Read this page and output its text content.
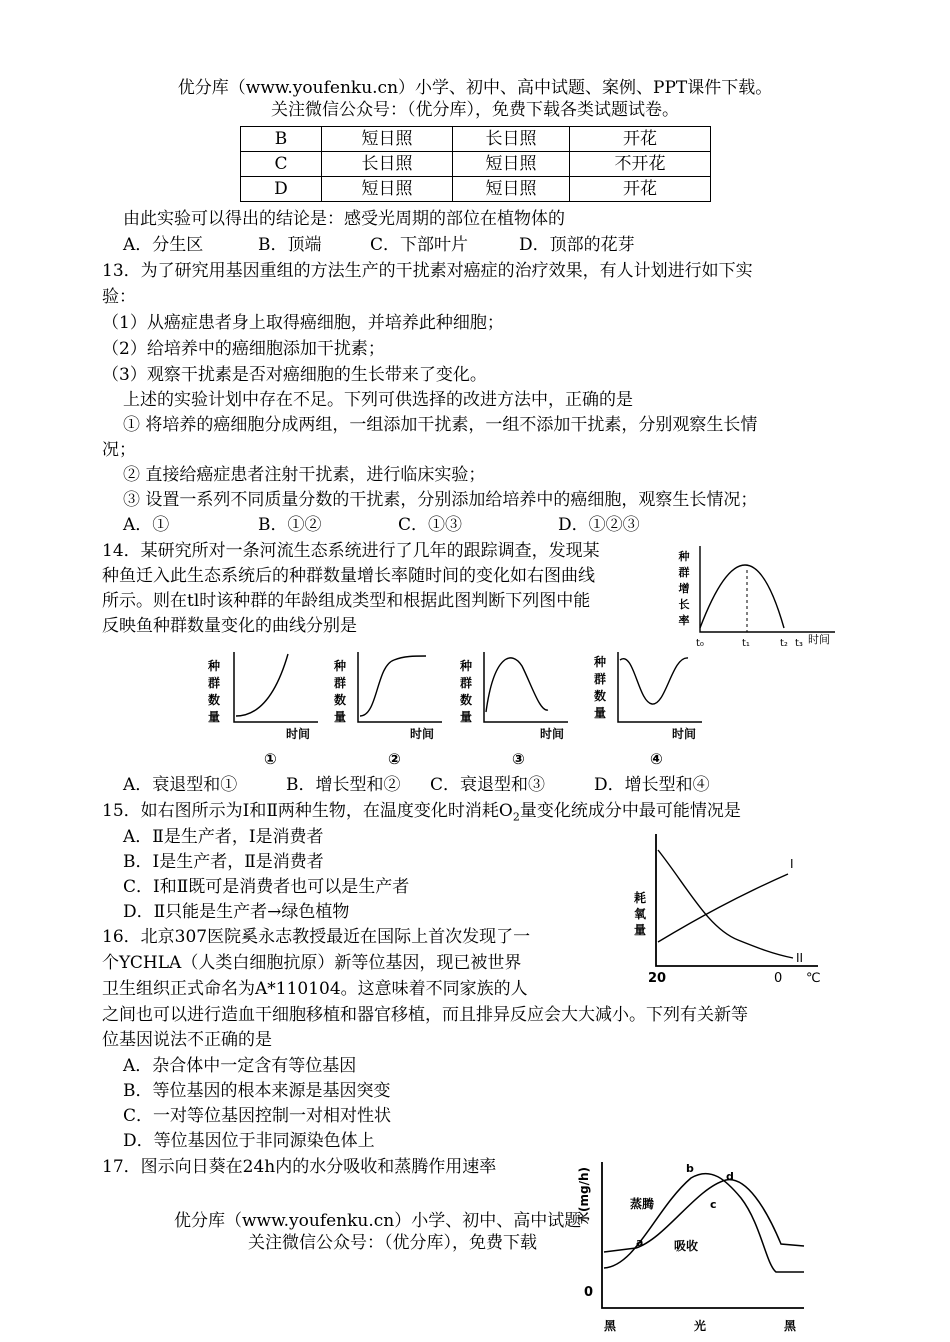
优分库（www.youfenku.cn）小学、初中、高中试题、案例、PPT课件下载。
关注微信公众号：（优分库），免费下载各类试题试卷。
B	短日照	长日照	开花
C	长日照	短日照	不开花
D	短日照	短日照	开花
由此实验可以得出的结论是：感受光周期的部位在植物体的
A．分生区	B．顶端	C．下部叶片	D．顶部的花芽
13．为了研究用基因重组的方法生产的干扰素对癌症的治疗效果，有人计划进行如下实
验：
（1）从癌症患者身上取得癌细胞，并培养此种细胞；
（2）给培养中的癌细胞添加干扰素；
（3）观察干扰素是否对癌细胞的生长带来了变化。
上述的实验计划中存在不足。下列可供选择的改进方法中，正确的是
① 将培养的癌细胞分成两组，一组添加干扰素，一组不添加干扰素，分别观察生长情
况；
② 直接给癌症患者注射干扰素，进行临床实验；
③ 设置一系列不同质量分数的干扰素，分别添加给培养中的癌细胞，观察生长情况；
A．①	B．①②	C．①③	D．①②③
14．某研究所对一条河流生态系统进行了几年的跟踪调查，发现某
种鱼迁入此生态系统后的种群数量增长率随时间的变化如右图曲线
所示。则在tl时该种群的年龄组成类型和根据此图判断下列图中能
反映鱼种群数量变化的曲线分别是
种
群
增
长
率
t₀	t₁	t₂ t₃ 时间
种
群
数
量
时间
①
种
群
数
量
时间
②
种
群
数
量
时间
③
种
群
数
量
时间
④
A．衰退型和①	B．增长型和② C．衰退型和③	D．增长型和④
15．如右图所示为Ⅰ和Ⅱ两种生物，在温度变化时消耗$O_2$量变化统成分中最可能情况是
A．Ⅱ是生产者，Ⅰ是消费者
B．Ⅰ是生产者，Ⅱ是消费者
C．Ⅰ和Ⅱ既可是消费者也可以是生产者
D．Ⅱ只能是生产者→绿色植物
耗
氧
量
I
II
20	0 ℃
16．北京307医院奚永志教授最近在国际上首次发现了一
个YCHLA（人类白细胞抗原）新等位基因，现已被世界
卫生组织正式命名为A*110104。这意味着不同家族的人
之间也可以进行造血干细胞移植和器官移植，而且排异反应会大大减小。下列有关新等
位基因说法不正确的是
A．杂合体中一定含有等位基因
B．等位基因的根本来源是基因突变
C．一对等位基因控制一对相对性状
D．等位基因位于非同源染色体上
17．图示向日葵在24h内的水分吸收和蒸腾作用速率
优分库（www.youfenku.cn）小学、初中、高中试题
关注微信公众号：（优分库），免费下载
水(mg/h)	蒸腾
吸收
a
b
c
d
0
黑	光	黑
